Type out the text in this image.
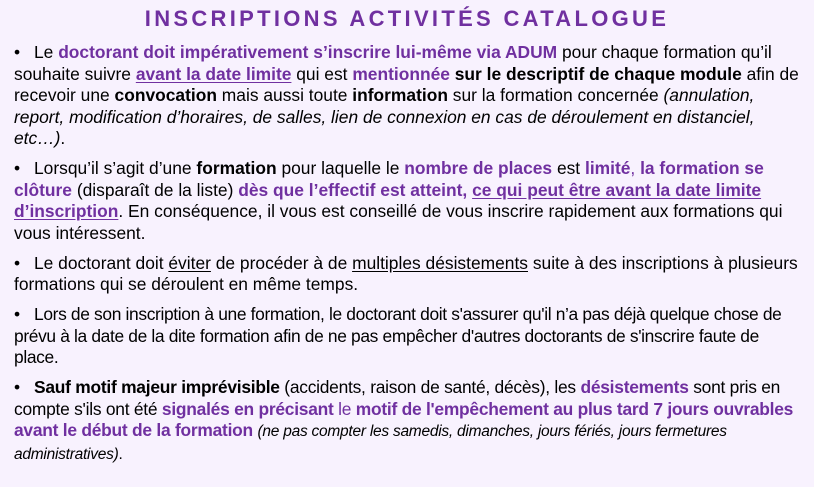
INSCRIPTIONS ACTIVITÉS CATALOGUE
• Le doctorant doit impérativement s’inscrire lui-même via ADUM pour chaque formation qu’il souhaite suivre avant la date limite qui est mentionnée sur le descriptif de chaque module afin de recevoir une convocation mais aussi toute information sur la formation concernée (annulation, report, modification d’horaires, de salles, lien de connexion en cas de déroulement en distanciel, etc…).
• Lorsqu’il s’agit d’une formation pour laquelle le nombre de places est limité, la formation se clôture (disparaît de la liste) dès que l’effectif est atteint, ce qui peut être avant la date limite d’inscription. En conséquence, il vous est conseillé de vous inscrire rapidement aux formations qui vous intéressent.
• Le doctorant doit éviter de procéder à de multiples désistements suite à des inscriptions à plusieurs formations qui se déroulent en même temps.
• Lors de son inscription à une formation, le doctorant doit s'assurer qu'il n’a pas déjà quelque chose de prévu à la date de la dite formation afin de ne pas empêcher d'autres doctorants de s'inscrire faute de place.
• Sauf motif majeur imprévisible (accidents, raison de santé, décès), les désistements sont pris en compte s'ils ont été signalés en précisant le motif de l'empêchement au plus tard 7 jours ouvrables avant le début de la formation (ne pas compter les samedis, dimanches, jours fériés, jours fermetures administratives).
